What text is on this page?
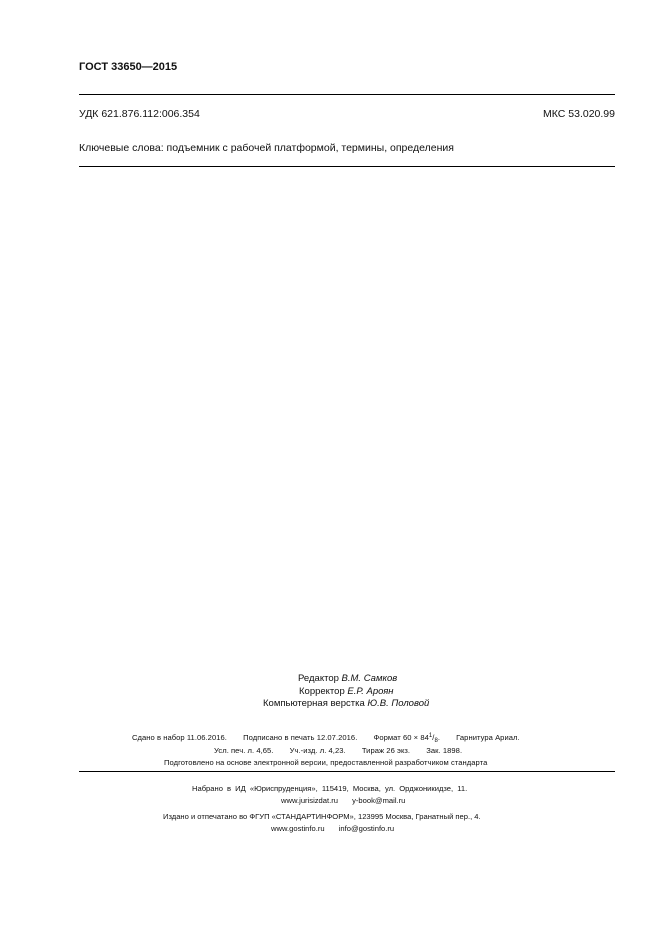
ГОСТ 33650—2015
УДК 621.876.112:006.354	МКС 53.020.99
Ключевые слова: подъемник с рабочей платформой, термины, определения
Редактор В.М. Самков
Корректор Е.Р. Ароян
Компьютерная верстка Ю.В. Половой
Сдано в набор 11.06.2016. Подписано в печать 12.07.2016. Формат $60 \times 84^1/_8$. Гарнитура Ариал.
Усл. печ. л. 4,65. Уч.-изд. л. 4,23. Тираж 26 экз. Зак. 1898.
Подготовлено на основе электронной версии, предоставленной разработчиком стандарта
Набрано в ИД «Юриспруденция», 115419, Москва, ул. Орджоникидзе, 11.
www.jurisizdat.ru y-book@mail.ru
Издано и отпечатано во ФГУП «СТАНДАРТИНФОРМ», 123995 Москва, Гранатный пер., 4.
www.gostinfo.ru info@gostinfo.ru
